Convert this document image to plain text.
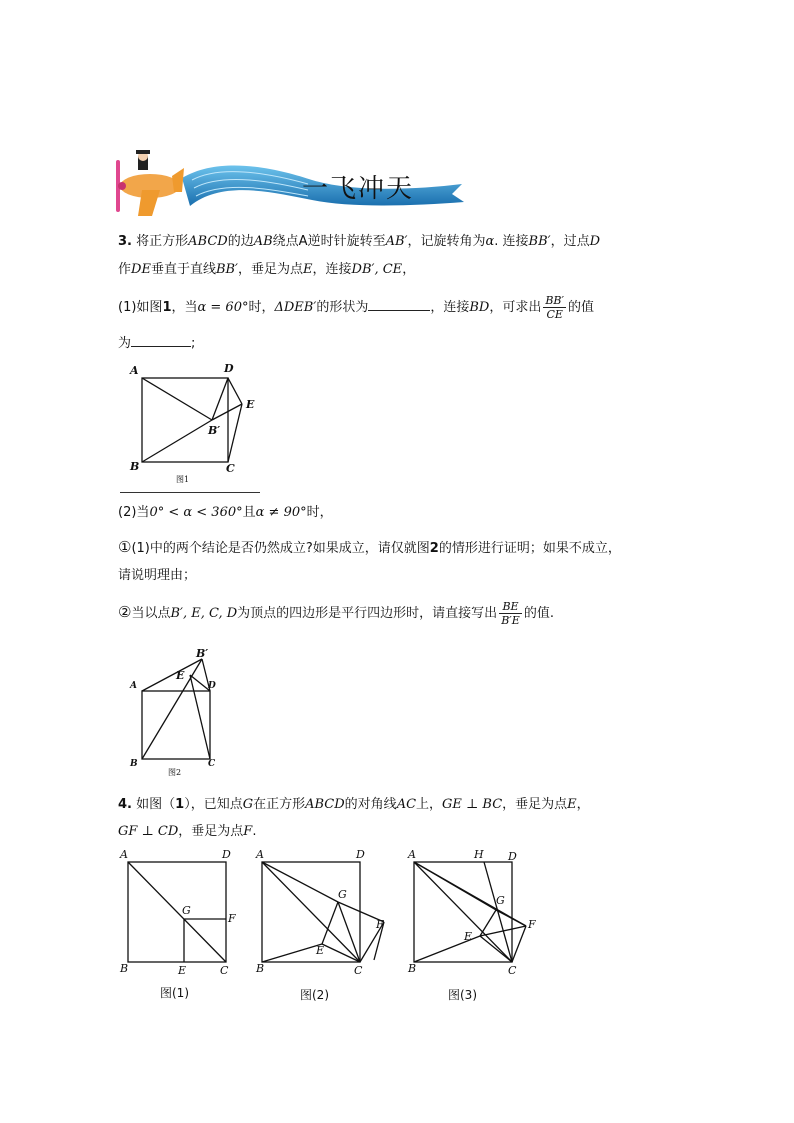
一飞冲天
3. 将正方形ABCD的边AB绕点A逆时针旋转至AB′，记旋转角为α. 连接BB′，过点D
作DE垂直于直线BB′，垂足为点E，连接DB′, CE，
(1)如图1，当α = 60°时，ΔDEB′的形状为	，连接BD，可求出 $\frac{BB'}{CE}$ 的值
为	;
A	D
E
B′
B	C
图1
(2)当0° < α < 360°且α ≠ 90°时，
①(1)中的两个结论是否仍然成立?如果成立，请仅就图2的情形进行证明；如果不成立，
请说明理由；
②当以点B′, E, C, D为顶点的四边形是平行四边形时，请直接写出 $\frac{BE}{B'E}$ 的值.
B′
A
E
D
B	C
图2
4. 如图（1），已知点G在正方形ABCD的对角线AC上，GE ⊥ BC，垂足为点E，
GF ⊥ CD，垂足为点F.
A	D
G
F
B	E	C
图(1)
A	D
G
F
E
B	C
图(2)
A	H D
G
F
E
B	C
图(3)
